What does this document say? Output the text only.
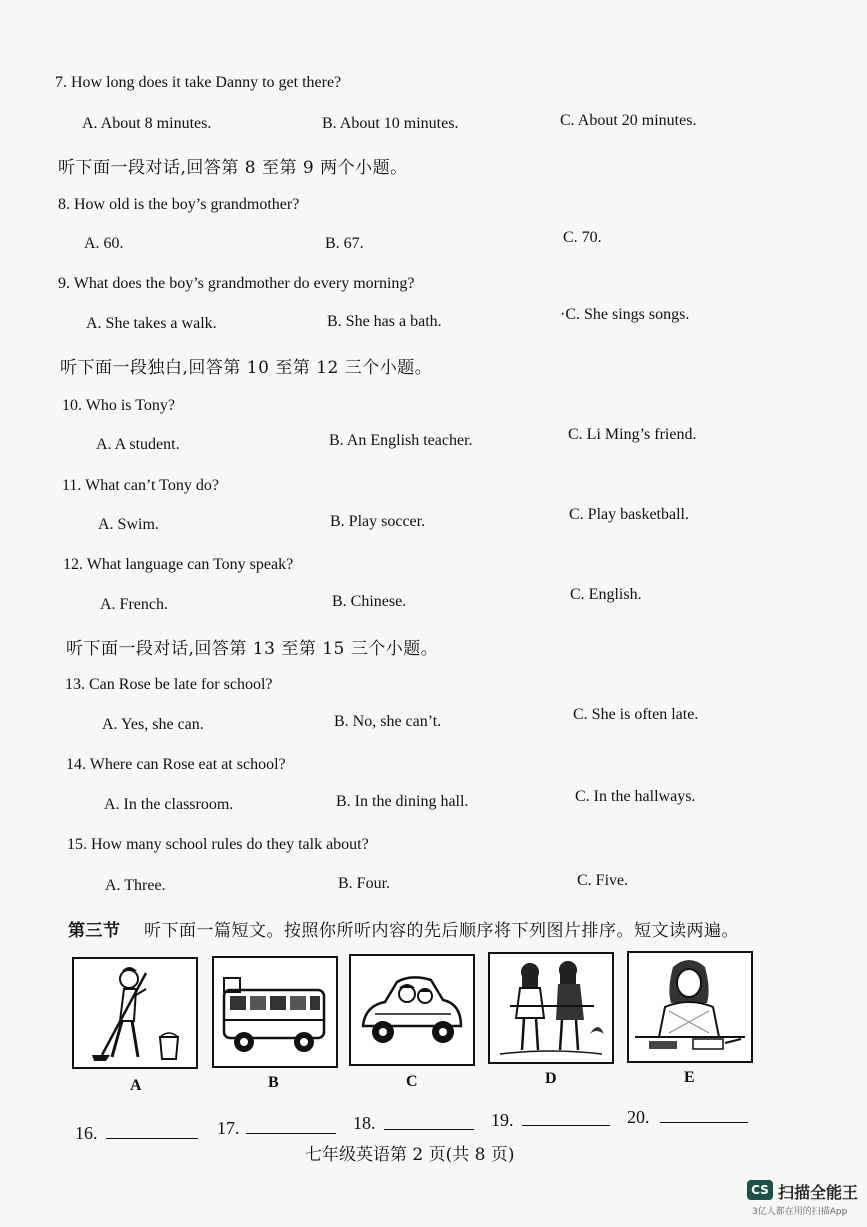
7. How long does it take Danny to get there?
A. About 8 minutes.	B. About 10 minutes.	C. About 20 minutes.
听下面一段对话,回答第 8 至第 9 两个小题。
8. How old is the boy’s grandmother?
A. 60.	B. 67.	C. 70.
9. What does the boy’s grandmother do every morning?
A. She takes a walk.	B. She has a bath.	·C. She sings songs.
听下面一段独白,回答第 10 至第 12 三个小题。
10. Who is Tony?
A. A student.	B. An English teacher.	C. Li Ming’s friend.
11. What can’t Tony do?
A. Swim.	B. Play soccer.	C. Play basketball.
12. What language can Tony speak?
A. French.	B. Chinese.	C. English.
听下面一段对话,回答第 13 至第 15 三个小题。
13. Can Rose be late for school?
A. Yes, she can.	B. No, she can’t.	C. She is often late.
14. Where can Rose eat at school?
A. In the classroom.	B. In the dining hall.	C. In the hallways.
15. How many school rules do they talk about?
A. Three.	B. Four.	C. Five.
第三节 听下面一篇短文。按照你所听内容的先后顺序将下列图片排序。短文读两遍。
A	B	C	D	E
16.	17.	18.	19.	20.
七年级英语第 2 页(共 8 页)
CS 扫描全能王
3亿人都在用的扫描App
